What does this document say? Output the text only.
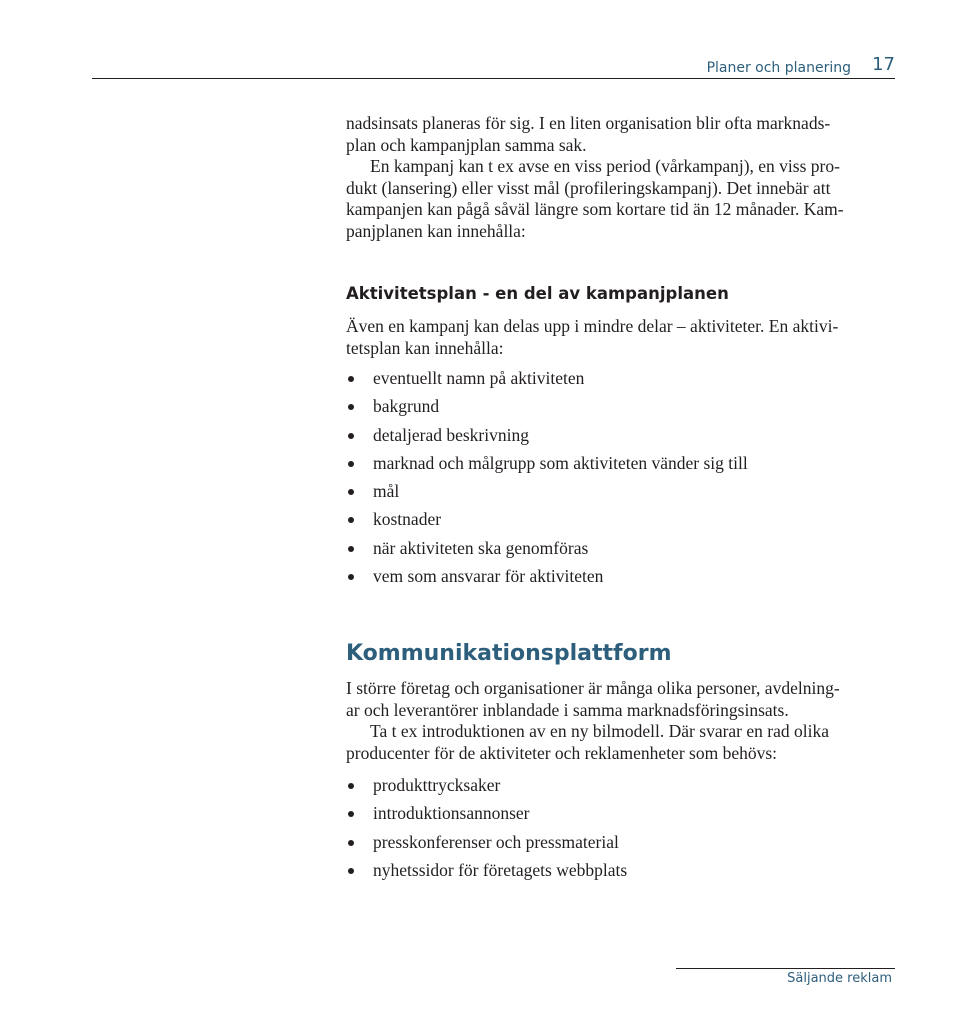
Planer och planering 17

nadsinsats planeras för sig. I en liten organisation blir ofta marknads-
plan och kampanjplan samma sak.
En kampanj kan t ex avse en viss period (vårkampanj), en viss pro-
dukt (lansering) eller visst mål (profileringskampanj). Det innebär att
kampanjen kan pågå såväl längre som kortare tid än 12 månader. Kam-
panjplanen kan innehålla:

Aktivitetsplan - en del av kampanjplanen

Även en kampanj kan delas upp i mindre delar – aktiviteter. En aktivi-
tetsplan kan innehålla:

eventuellt namn på aktiviteten
bakgrund
detaljerad beskrivning
marknad och målgrupp som aktiviteten vänder sig till
mål
kostnader
när aktiviteten ska genomföras
vem som ansvarar för aktiviteten
Kommunikationsplattform

I större företag och organisationer är många olika personer, avdelning-
ar och leverantörer inblandade i samma marknadsföringsinsats.
Ta t ex introduktionen av en ny bilmodell. Där svarar en rad olika
producenter för de aktiviteter och reklamenheter som behövs:

produkttrycksaker
introduktionsannonser
presskonferenser och pressmaterial
nyhetssidor för företagets webbplats
Säljande reklam
